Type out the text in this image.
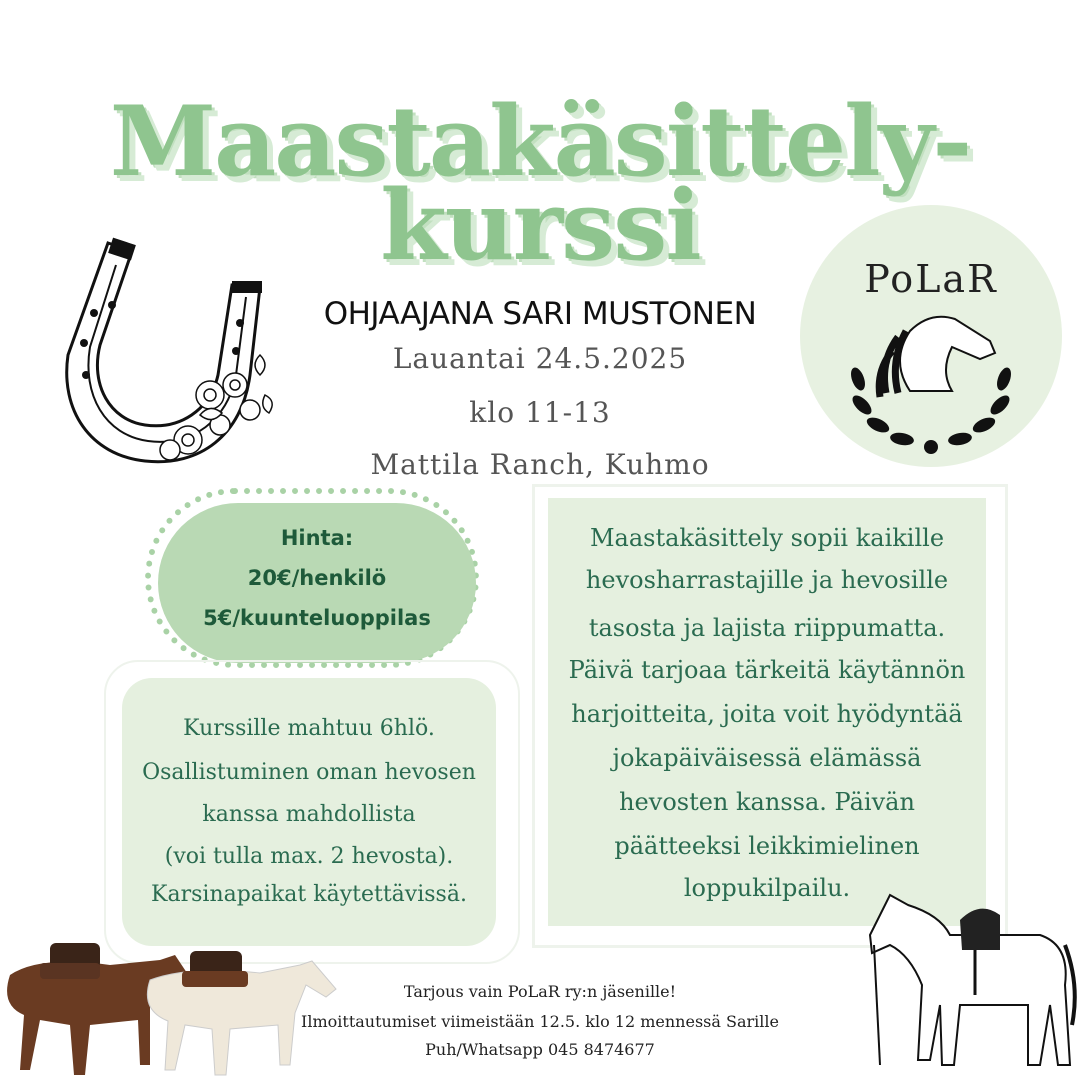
Maastakäsittely-
kurssi
OHJAAJANA SARI MUSTONEN
Lauantai 24.5.2025
klo 11-13
Mattila Ranch, Kuhmo
PoLaR
Hinta:
20€/henkilö
5€/kuunteluoppilas
Kurssille mahtuu 6hlö.
Osallistuminen oman hevosen
kanssa mahdollista
(voi tulla max. 2 hevosta).
Karsinapaikat käytettävissä.
Maastakäsittely sopii kaikille
hevosharrastajille ja hevosille
tasosta ja lajista riippumatta.
Päivä tarjoaa tärkeitä käytännön
harjoitteita, joita voit hyödyntää
jokapäiväisessä elämässä
hevosten kanssa. Päivän
päätteeksi leikkimielinen
loppukilpailu.
Tarjous vain PoLaR ry:n jäsenille!
Ilmoittautumiset viimeistään 12.5. klo 12 mennessä Sarille
Puh/Whatsapp 045 8474677
